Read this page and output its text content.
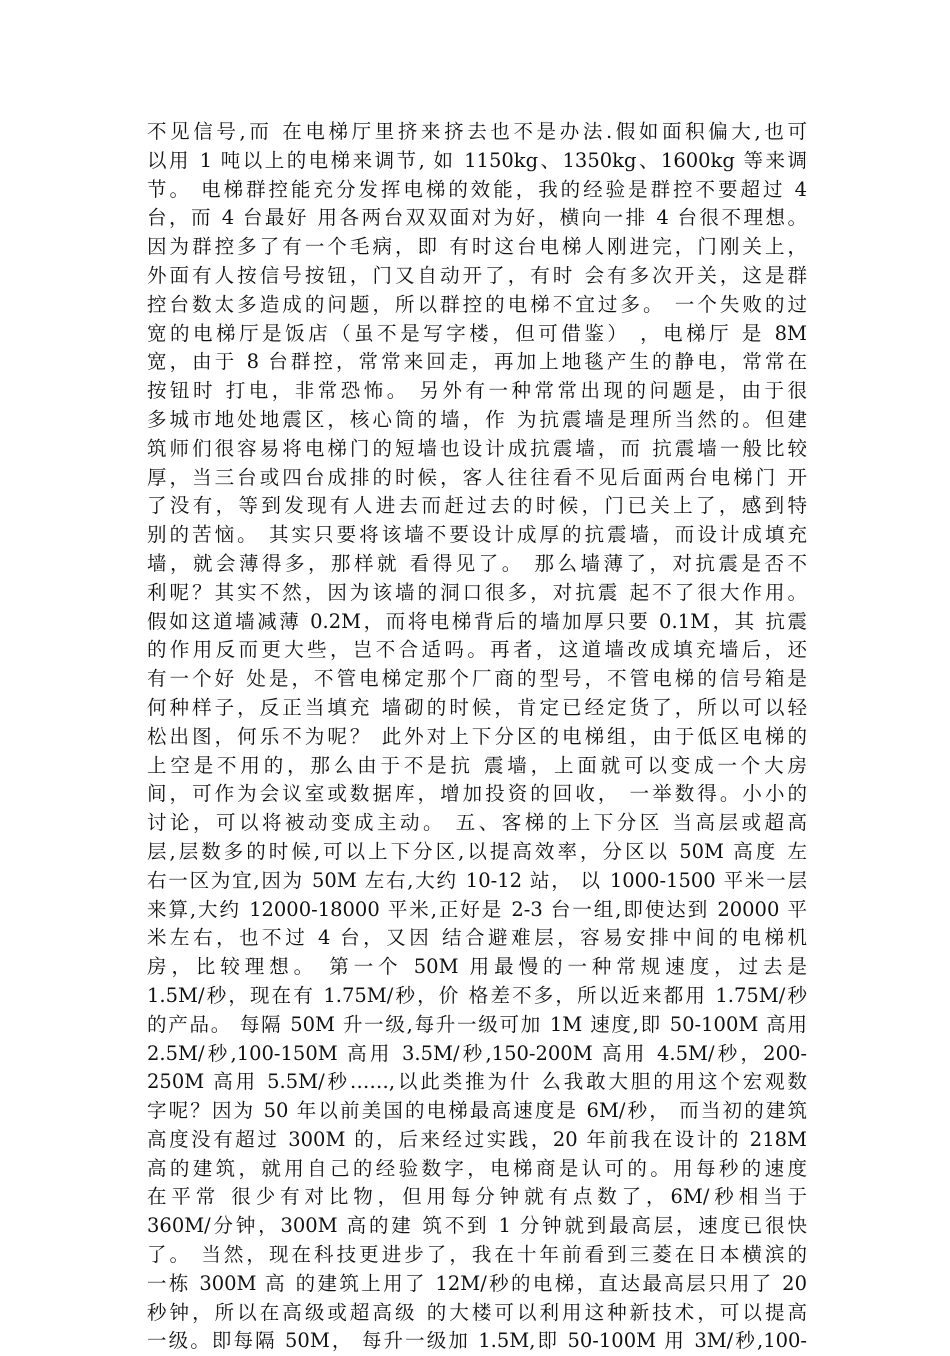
不见信号,而 在电梯厅里挤来挤去也不是办法.假如面积偏大,也可
以用 1 吨以上的电梯来调节, 如 1150kg、1350kg、1600kg 等来调
节。 电梯群控能充分发挥电梯的效能，我的经验是群控不要超过 4
台，而 4 台最好 用各两台双双面对为好，横向一排 4 台很不理想。
因为群控多了有一个毛病，即 有时这台电梯人刚进完，门刚关上，
外面有人按信号按钮，门又自动开了，有时 会有多次开关，这是群
控台数太多造成的问题，所以群控的电梯不宜过多。 一个失败的过
宽的电梯厅是饭店（虽不是写字楼，但可借鉴） ，电梯厅 是 8M
宽，由于 8 台群控，常常来回走，再加上地毯产生的静电，常常在
按钮时 打电，非常恐怖。 另外有一种常常出现的问题是，由于很
多城市地处地震区，核心筒的墙，作 为抗震墙是理所当然的。但建
筑师们很容易将电梯门的短墙也设计成抗震墙，而 抗震墙一般比较
厚，当三台或四台成排的时候，客人往往看不见后面两台电梯门 开
了没有，等到发现有人进去而赶过去的时候，门已关上了，感到特
别的苦恼。 其实只要将该墙不要设计成厚的抗震墙，而设计成填充
墙，就会薄得多，那样就 看得见了。 那么墙薄了，对抗震是否不
利呢？其实不然，因为该墙的洞口很多，对抗震 起不了很大作用。
假如这道墙减薄 0.2M，而将电梯背后的墙加厚只要 0.1M，其 抗震
的作用反而更大些，岂不合适吗。再者，这道墙改成填充墙后，还
有一个好 处是，不管电梯定那个厂商的型号，不管电梯的信号箱是
何种样子，反正当填充 墙砌的时候，肯定已经定货了，所以可以轻
松出图，何乐不为呢？ 此外对上下分区的电梯组，由于低区电梯的
上空是不用的，那么由于不是抗 震墙，上面就可以变成一个大房
间，可作为会议室或数据库，增加投资的回收， 一举数得。小小的
讨论，可以将被动变成主动。 五、客梯的上下分区 当高层或超高
层,层数多的时候,可以上下分区,以提高效率，分区以 50M 高度 左
右一区为宜,因为 50M 左右,大约 10-12 站， 以 1000-1500 平米一层
来算,大约 12000-18000 平米,正好是 2-3 台一组,即使达到 20000 平
米左右，也不过 4 台，又因 结合避难层，容易安排中间的电梯机
房，比较理想。 第一个 50M 用最慢的一种常规速度，过去是
1.5M/秒，现在有 1.75M/秒，价 格差不多，所以近来都用 1.75M/秒
的产品。 每隔 50M 升一级,每升一级可加 1M 速度,即 50-100M 高用
2.5M/秒,100-150M 高用 3.5M/秒,150-200M 高用 4.5M/秒，200-
250M 高用 5.5M/秒……,以此类推为什 么我敢大胆的用这个宏观数
字呢？因为 50 年以前美国的电梯最高速度是 6M/秒， 而当初的建筑
高度没有超过 300M 的，后来经过实践，20 年前我在设计的 218M
高的建筑，就用自己的经验数字，电梯商是认可的。用每秒的速度
在平常 很少有对比物，但用每分钟就有点数了，6M/秒相当于
360M/分钟，300M 高的建 筑不到 1 分钟就到最高层，速度已很快
了。 当然，现在科技更进步了，我在十年前看到三菱在日本横滨的
一栋 300M 高 的建筑上用了 12M/秒的电梯，直达最高层只用了 20
秒钟，所以在高级或超高级 的大楼可以利用这种新技术，可以提高
一级。即每隔 50M， 每升一级加 1.5M,即 50-100M 用 3M/秒,100-
